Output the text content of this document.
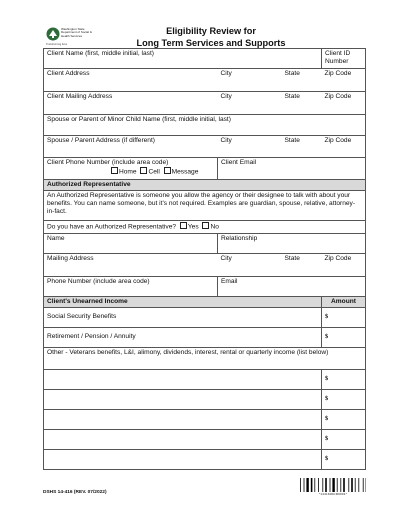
Washington State Department of Social & Health Services
Transforming lives
Eligibility Review for
Long Term Services and Supports
Client Name (first, middle initial, last)			Client ID Number
Client Address	City	State	Zip Code
Client Mailing Address	City	State	Zip Code
Spouse or Parent of Minor Child Name (first, middle initial, last)			
Spouse / Parent Address (if different)	City	State	Zip Code

Client Phone Number (include area code)
Home Cell Message	Client Email		
Authorized Representative			
An Authorized Representative is someone you allow the agency or their designee to talk with about your benefits. You can name someone, but it's not required. Examples are guardian, spouse, relative, attorney-in-fact.			
Do you have an Authorized Representative? Yes No			
Name	Relationship		
Mailing Address	City	State	Zip Code
Phone Number (include area code)	Email		
Client's Unearned Income			Amount
Social Security Benefits			$
Retirement / Pension / Annuity			$
Other - Veterans benefits, L&I, alimony, dividends, interest, rental or quarterly income (list below)			
			$
			$
			$
			$
			$
DSHS 14-416 (REV. 07/2022)	*1441600CR0001*
